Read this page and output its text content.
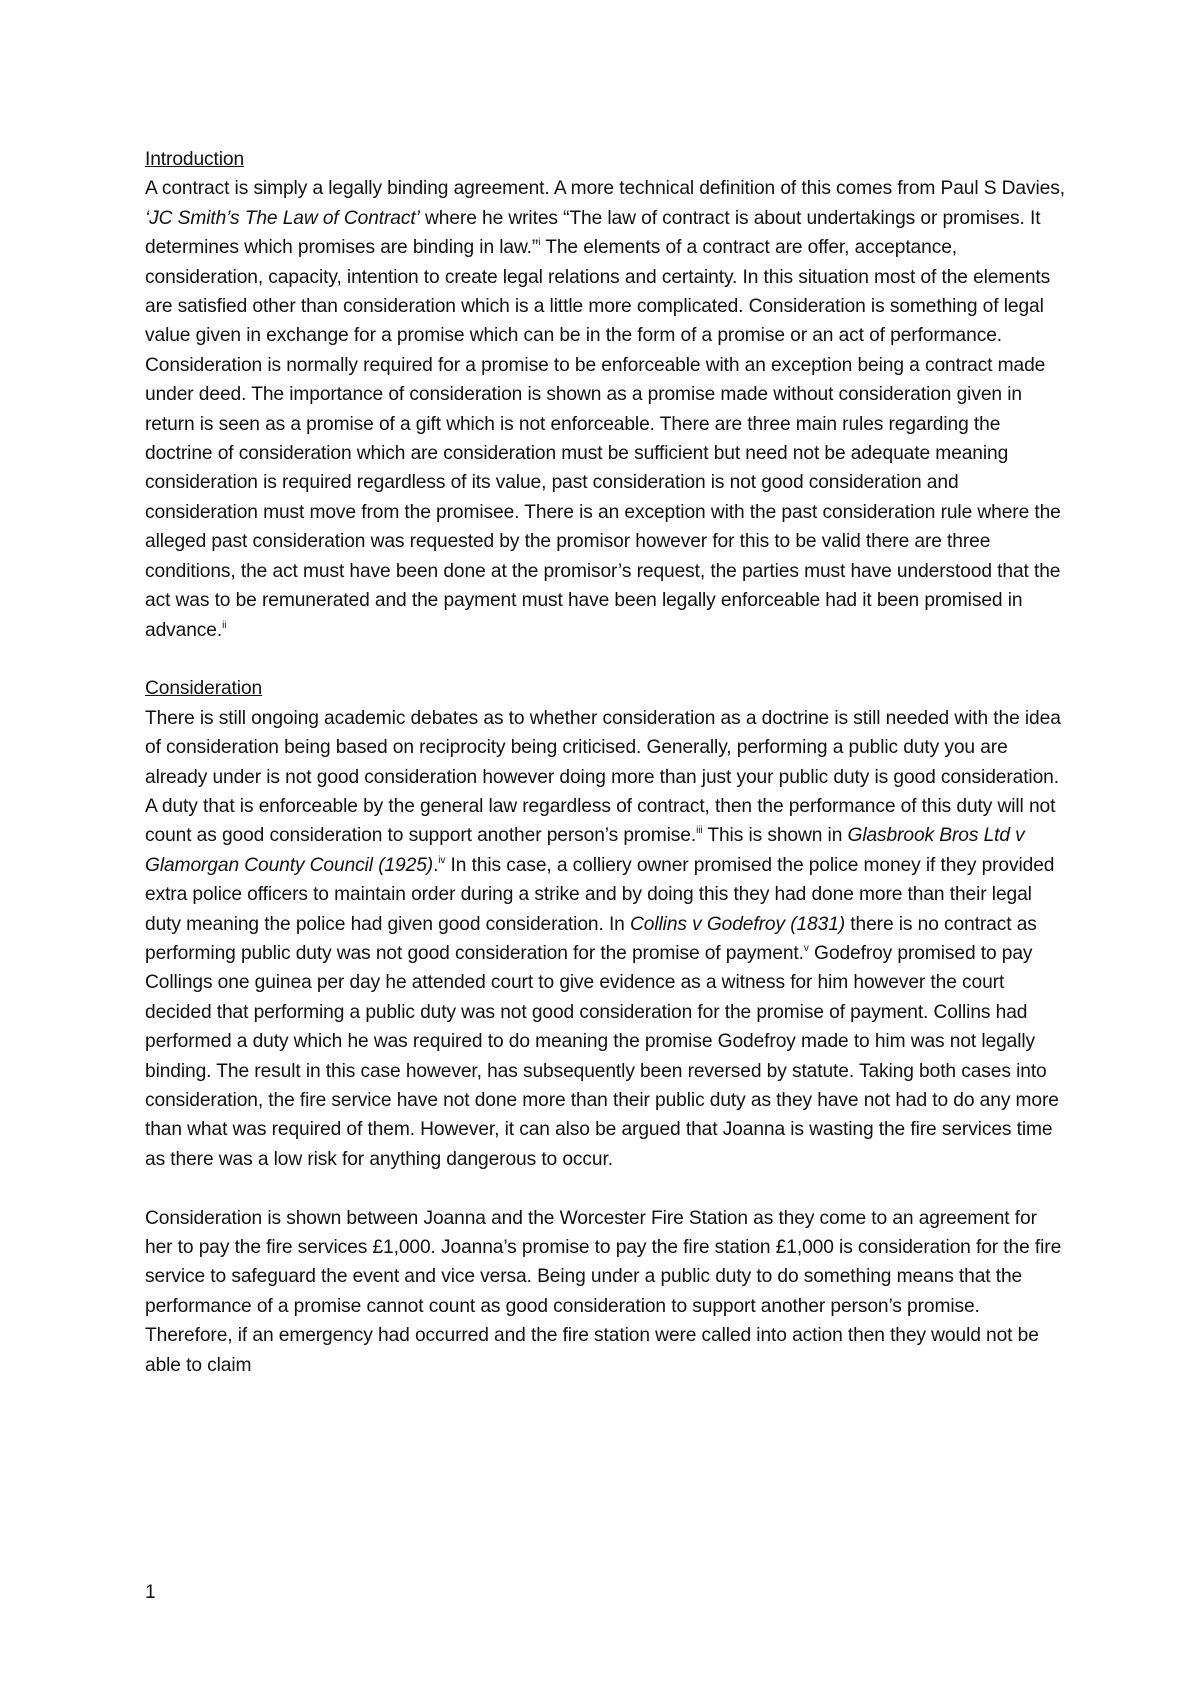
Introduction

A contract is simply a legally binding agreement. A more technical definition of this comes from Paul S Davies, ‘JC Smith’s The Law of Contract’ where he writes “The law of contract is about undertakings or promises. It determines which promises are binding in law.”$^i$ The elements of a contract are offer, acceptance, consideration, capacity, intention to create legal relations and certainty. In this situation most of the elements are satisfied other than consideration which is a little more complicated. Consideration is something of legal value given in exchange for a promise which can be in the form of a promise or an act of performance. Consideration is normally required for a promise to be enforceable with an exception being a contract made under deed. The importance of consideration is shown as a promise made without consideration given in return is seen as a promise of a gift which is not enforceable. There are three main rules regarding the doctrine of consideration which are consideration must be sufficient but need not be adequate meaning consideration is required regardless of its value, past consideration is not good consideration and consideration must move from the promisee. There is an exception with the past consideration rule where the alleged past consideration was requested by the promisor however for this to be valid there are three conditions, the act must have been done at the promisor’s request, the parties must have understood that the act was to be remunerated and the payment must have been legally enforceable had it been promised in advance.$^{ii}$

Consideration

There is still ongoing academic debates as to whether consideration as a doctrine is still needed with the idea of consideration being based on reciprocity being criticised. Generally, performing a public duty you are already under is not good consideration however doing more than just your public duty is good consideration. A duty that is enforceable by the general law regardless of contract, then the performance of this duty will not count as good consideration to support another person’s promise.$^{iii}$ This is shown in Glasbrook Bros Ltd v Glamorgan County Council (1925).$^{iv}$ In this case, a colliery owner promised the police money if they provided extra police officers to maintain order during a strike and by doing this they had done more than their legal duty meaning the police had given good consideration. In Collins v Godefroy (1831) there is no contract as performing public duty was not good consideration for the promise of payment.$^v$ Godefroy promised to pay Collings one guinea per day he attended court to give evidence as a witness for him however the court decided that performing a public duty was not good consideration for the promise of payment. Collins had performed a duty which he was required to do meaning the promise Godefroy made to him was not legally binding. The result in this case however, has subsequently been reversed by statute. Taking both cases into consideration, the fire service have not done more than their public duty as they have not had to do any more than what was required of them. However, it can also be argued that Joanna is wasting the fire services time as there was a low risk for anything dangerous to occur.

Consideration is shown between Joanna and the Worcester Fire Station as they come to an agreement for her to pay the fire services £1,000. Joanna’s promise to pay the fire station £1,000 is consideration for the fire service to safeguard the event and vice versa. Being under a public duty to do something means that the performance of a promise cannot count as good consideration to support another person’s promise. Therefore, if an emergency had occurred and the fire station were called into action then they would not be able to claim

1
